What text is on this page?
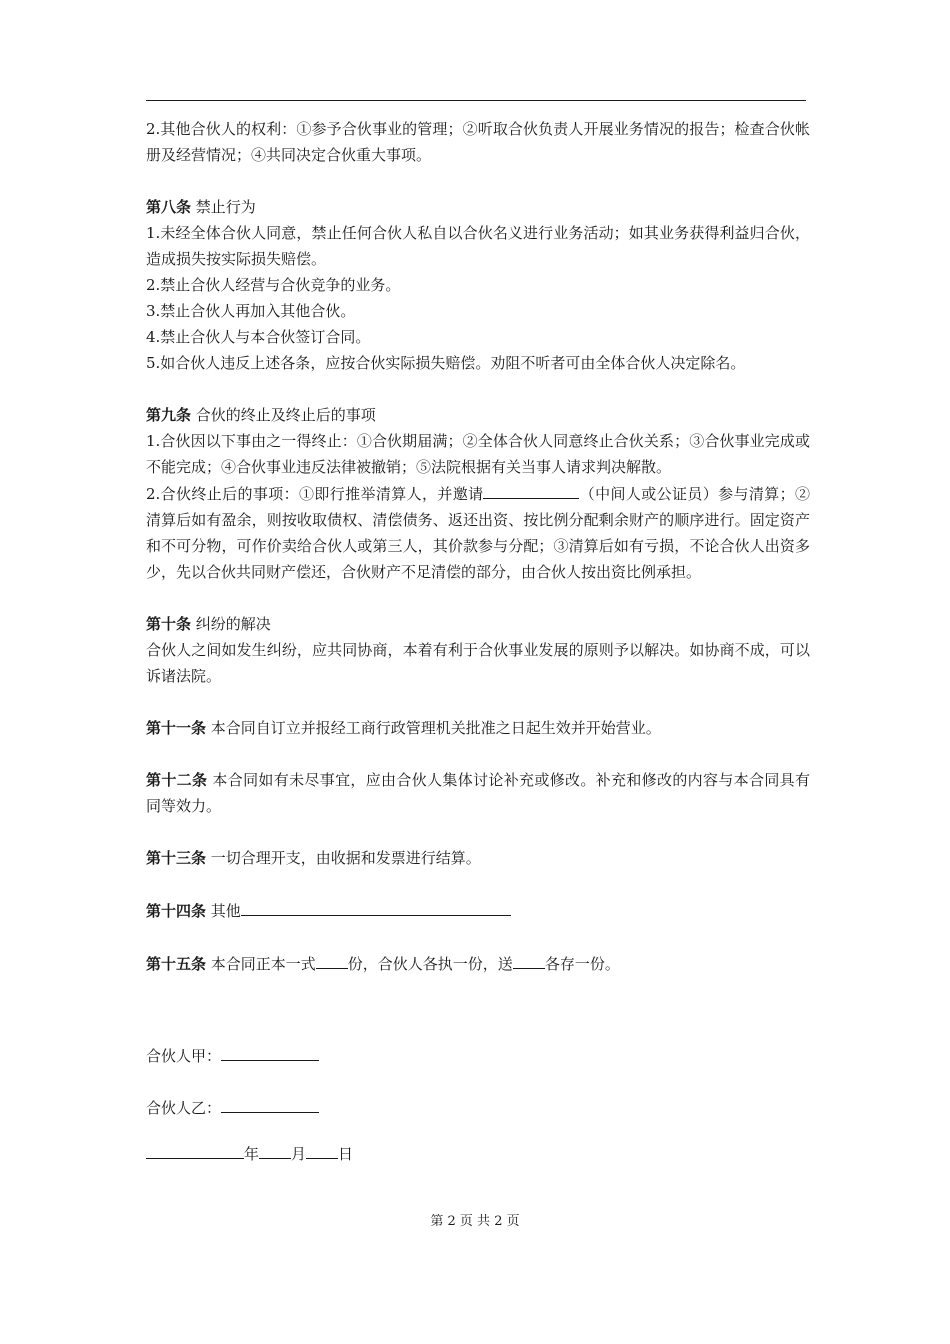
2.其他合伙人的权利：①参予合伙事业的管理；②听取合伙负责人开展业务情况的报告；检查合伙帐册及经营情况；④共同决定合伙重大事项。

第八条 禁止行为

1.未经全体合伙人同意，禁止任何合伙人私自以合伙名义进行业务活动；如其业务获得利益归合伙，造成损失按实际损失赔偿。

2.禁止合伙人经营与合伙竞争的业务。

3.禁止合伙人再加入其他合伙。

4.禁止合伙人与本合伙签订合同。

5.如合伙人违反上述各条，应按合伙实际损失赔偿。劝阻不听者可由全体合伙人决定除名。

第九条 合伙的终止及终止后的事项

1.合伙因以下事由之一得终止：①合伙期届满；②全体合伙人同意终止合伙关系；③合伙事业完成或不能完成；④合伙事业违反法律被撤销；⑤法院根据有关当事人请求判决解散。

2.合伙终止后的事项：①即行推举清算人，并邀请	（中间人或公证员）参与清算；②清算后如有盈余，则按收取债权、清偿债务、返还出资、按比例分配剩余财产的顺序进行。固定资产和不可分物，可作价卖给合伙人或第三人，其价款参与分配；③清算后如有亏损，不论合伙人出资多少，先以合伙共同财产偿还，合伙财产不足清偿的部分，由合伙人按出资比例承担。

第十条 纠纷的解决

合伙人之间如发生纠纷，应共同协商，本着有利于合伙事业发展的原则予以解决。如协商不成，可以诉诸法院。

第十一条 本合同自订立并报经工商行政管理机关批准之日起生效并开始营业。

第十二条 本合同如有未尽事宜，应由合伙人集体讨论补充或修改。补充和修改的内容与本合同具有同等效力。

第十三条 一切合理开支，由收据和发票进行结算。

第十四条 其他

第十五条 本合同正本一式 份，合伙人各执一份，送 各存一份。

合伙人甲：
合伙人乙：
年 月 日
第 2 页 共 2 页
